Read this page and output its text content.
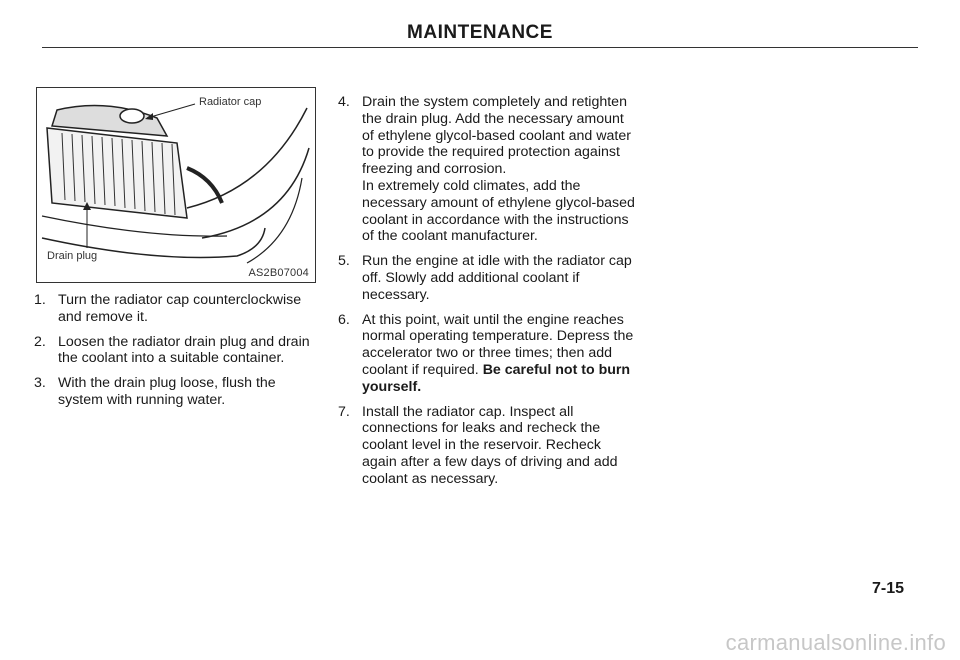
MAINTENANCE
Radiator cap
Drain plug
AS2B07004
1. Turn the radiator cap counterclockwise and remove it.
2. Loosen the radiator drain plug and drain the coolant into a suitable container.
3. With the drain plug loose, flush the system with running water.
4. Drain the system completely and retighten the drain plug. Add the necessary amount of ethylene glycol-based coolant and water to provide the required protection against freezing and corrosion.
In extremely cold climates, add the necessary amount of ethylene glycol-based coolant in accordance with the instructions of the coolant manufacturer.
5. Run the engine at idle with the radiator cap off. Slowly add additional coolant if necessary.
6. At this point, wait until the engine reaches normal operating temperature. Depress the accelerator two or three times; then add coolant if required. Be careful not to burn yourself.
7. Install the radiator cap. Inspect all connections for leaks and recheck the coolant level in the reservoir. Recheck again after a few days of driving and add coolant as necessary.
7-15
carmanualsonline.info
